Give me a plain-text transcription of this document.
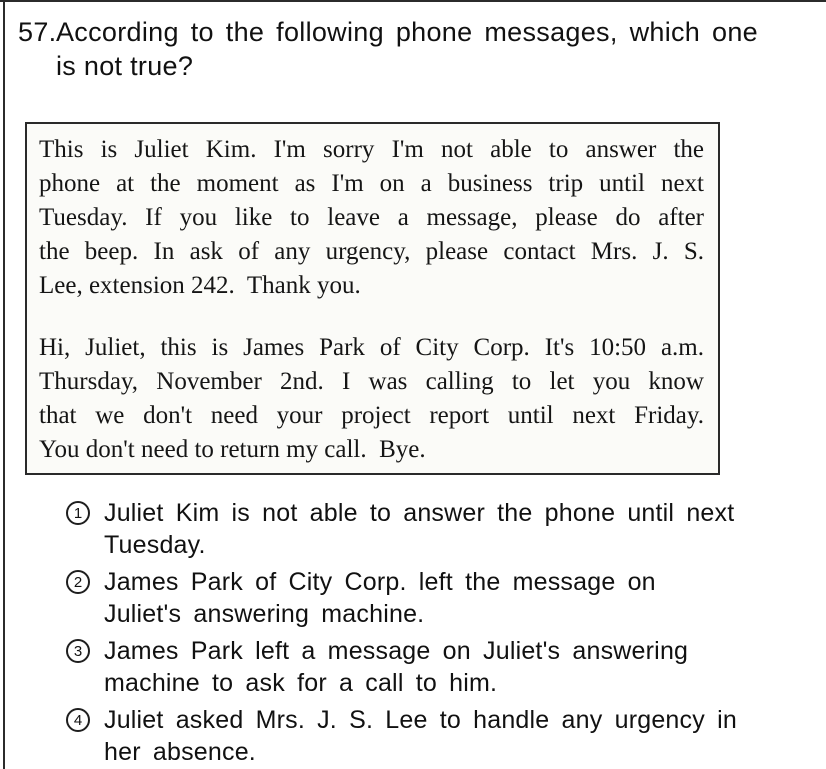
57. According to the following phone messages, which one
is not true?
This is Juliet Kim. I'm sorry I'm not able to answer the
phone at the moment as I'm on a business trip until next
Tuesday. If you like to leave a message, please do after
the beep. In ask of any urgency, please contact Mrs. J. S.
Lee, extension 242.  Thank you.
Hi, Juliet, this is James Park of City Corp. It's 10:50 a.m.
Thursday, November 2nd. I was calling to let you know
that we don't need your project report until next Friday.
You don't need to return my call.  Bye.
1 Juliet Kim is not able to answer the phone until next
Tuesday.
2 James Park of City Corp. left the message on
Juliet's answering machine.
3 James Park left a message on Juliet's answering
machine to ask for a call to him.
4 Juliet asked Mrs. J. S. Lee to handle any urgency in
her absence.
